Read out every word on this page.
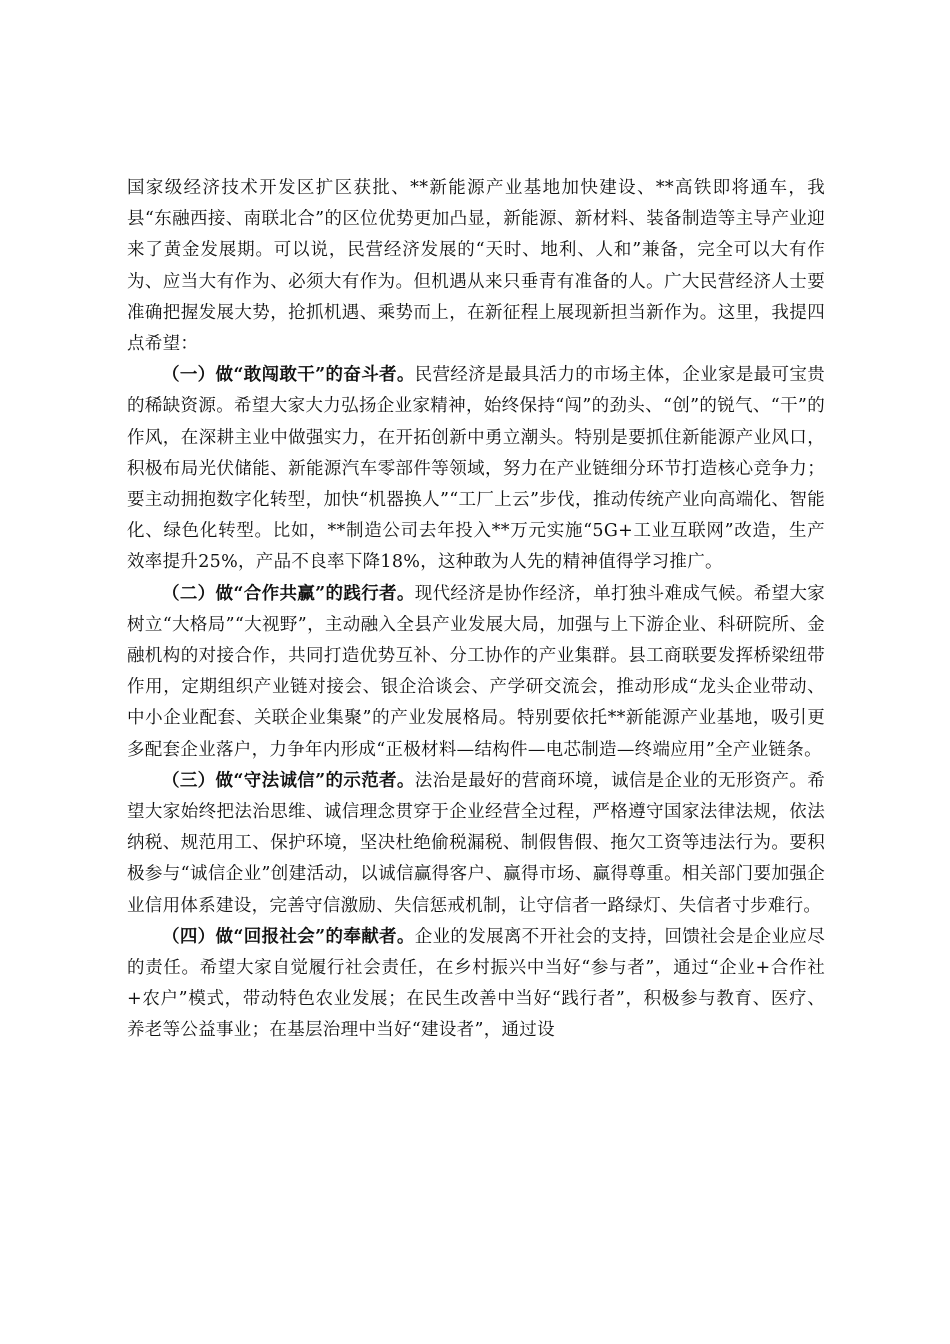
国家级经济技术开发区扩区获批、**新能源产业基地加快建设、**高铁即将通车，我县“东融西接、南联北合”的区位优势更加凸显，新能源、新材料、装备制造等主导产业迎来了黄金发展期。可以说，民营经济发展的“天时、地利、人和”兼备，完全可以大有作为、应当大有作为、必须大有作为。但机遇从来只垂青有准备的人。广大民营经济人士要准确把握发展大势，抢抓机遇、乘势而上，在新征程上展现新担当新作为。这里，我提四点希望：

（一）做“敢闯敢干”的奋斗者。民营经济是最具活力的市场主体，企业家是最可宝贵的稀缺资源。希望大家大力弘扬企业家精神，始终保持“闯”的劲头、“创”的锐气、“干”的作风，在深耕主业中做强实力，在开拓创新中勇立潮头。特别是要抓住新能源产业风口，积极布局光伏储能、新能源汽车零部件等领域，努力在产业链细分环节打造核心竞争力；要主动拥抱数字化转型，加快“机器换人”“工厂上云”步伐，推动传统产业向高端化、智能化、绿色化转型。比如，**制造公司去年投入**万元实施“5G+工业互联网”改造，生产效率提升25%，产品不良率下降18%，这种敢为人先的精神值得学习推广。

（二）做“合作共赢”的践行者。现代经济是协作经济，单打独斗难成气候。希望大家树立“大格局”“大视野”，主动融入全县产业发展大局，加强与上下游企业、科研院所、金融机构的对接合作，共同打造优势互补、分工协作的产业集群。县工商联要发挥桥梁纽带作用，定期组织产业链对接会、银企洽谈会、产学研交流会，推动形成“龙头企业带动、中小企业配套、关联企业集聚”的产业发展格局。特别要依托**新能源产业基地，吸引更多配套企业落户，力争年内形成“正极材料—结构件—电芯制造—终端应用”全产业链条。

（三）做“守法诚信”的示范者。法治是最好的营商环境，诚信是企业的无形资产。希望大家始终把法治思维、诚信理念贯穿于企业经营全过程，严格遵守国家法律法规，依法纳税、规范用工、保护环境，坚决杜绝偷税漏税、制假售假、拖欠工资等违法行为。要积极参与“诚信企业”创建活动，以诚信赢得客户、赢得市场、赢得尊重。相关部门要加强企业信用体系建设，完善守信激励、失信惩戒机制，让守信者一路绿灯、失信者寸步难行。

（四）做“回报社会”的奉献者。企业的发展离不开社会的支持，回馈社会是企业应尽的责任。希望大家自觉履行社会责任，在乡村振兴中当好“参与者”，通过“企业+合作社+农户”模式，带动特色农业发展；在民生改善中当好“践行者”，积极参与教育、医疗、养老等公益事业；在基层治理中当好“建设者”，通过设
